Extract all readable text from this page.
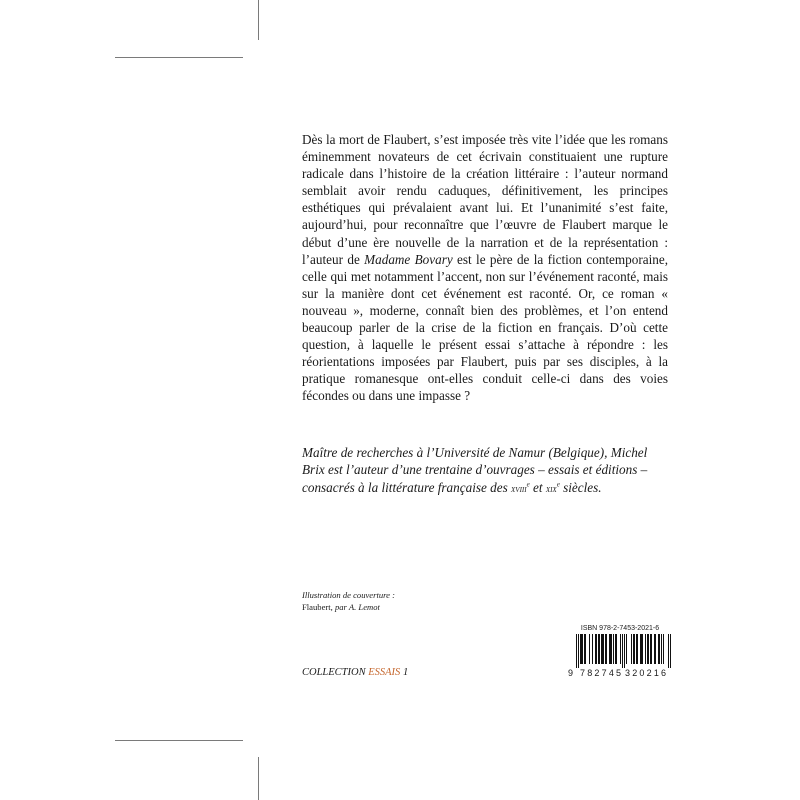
Dès la mort de Flaubert, s’est imposée très vite l’idée que les romans éminemment novateurs de cet écrivain constituaient une rupture radicale dans l’histoire de la création littéraire : l’auteur normand semblait avoir rendu caduques, définitivement, les principes esthétiques qui prévalaient avant lui. Et l’unanimité s’est faite, aujourd’hui, pour reconnaître que l’œuvre de Flaubert marque le début d’une ère nouvelle de la narration et de la représentation : l’auteur de Madame Bovary est le père de la fiction contemporaine, celle qui met notamment l’accent, non sur l’événement raconté, mais sur la manière dont cet événement est raconté. Or, ce roman « nouveau », moderne, connaît bien des problèmes, et l’on entend beaucoup parler de la crise de la fiction en français. D’où cette question, à laquelle le présent essai s’attache à répondre : les réorientations imposées par Flaubert, puis par ses disciples, à la pratique romanesque ont-elles conduit celle-ci dans des voies fécondes ou dans une impasse ?

Maître de recherches à l’Université de Namur (Belgique), Michel Brix est l’auteur d’une trentaine d’ouvrages – essais et éditions – consacrés à la littérature française des xviii$^e$ et xix$^e$ siècles.

Illustration de couverture :
Flaubert, par A. Lemot
COLLECTION ESSAIS 1
ISBN 978-2-7453-2021-6
9 782745 320216
